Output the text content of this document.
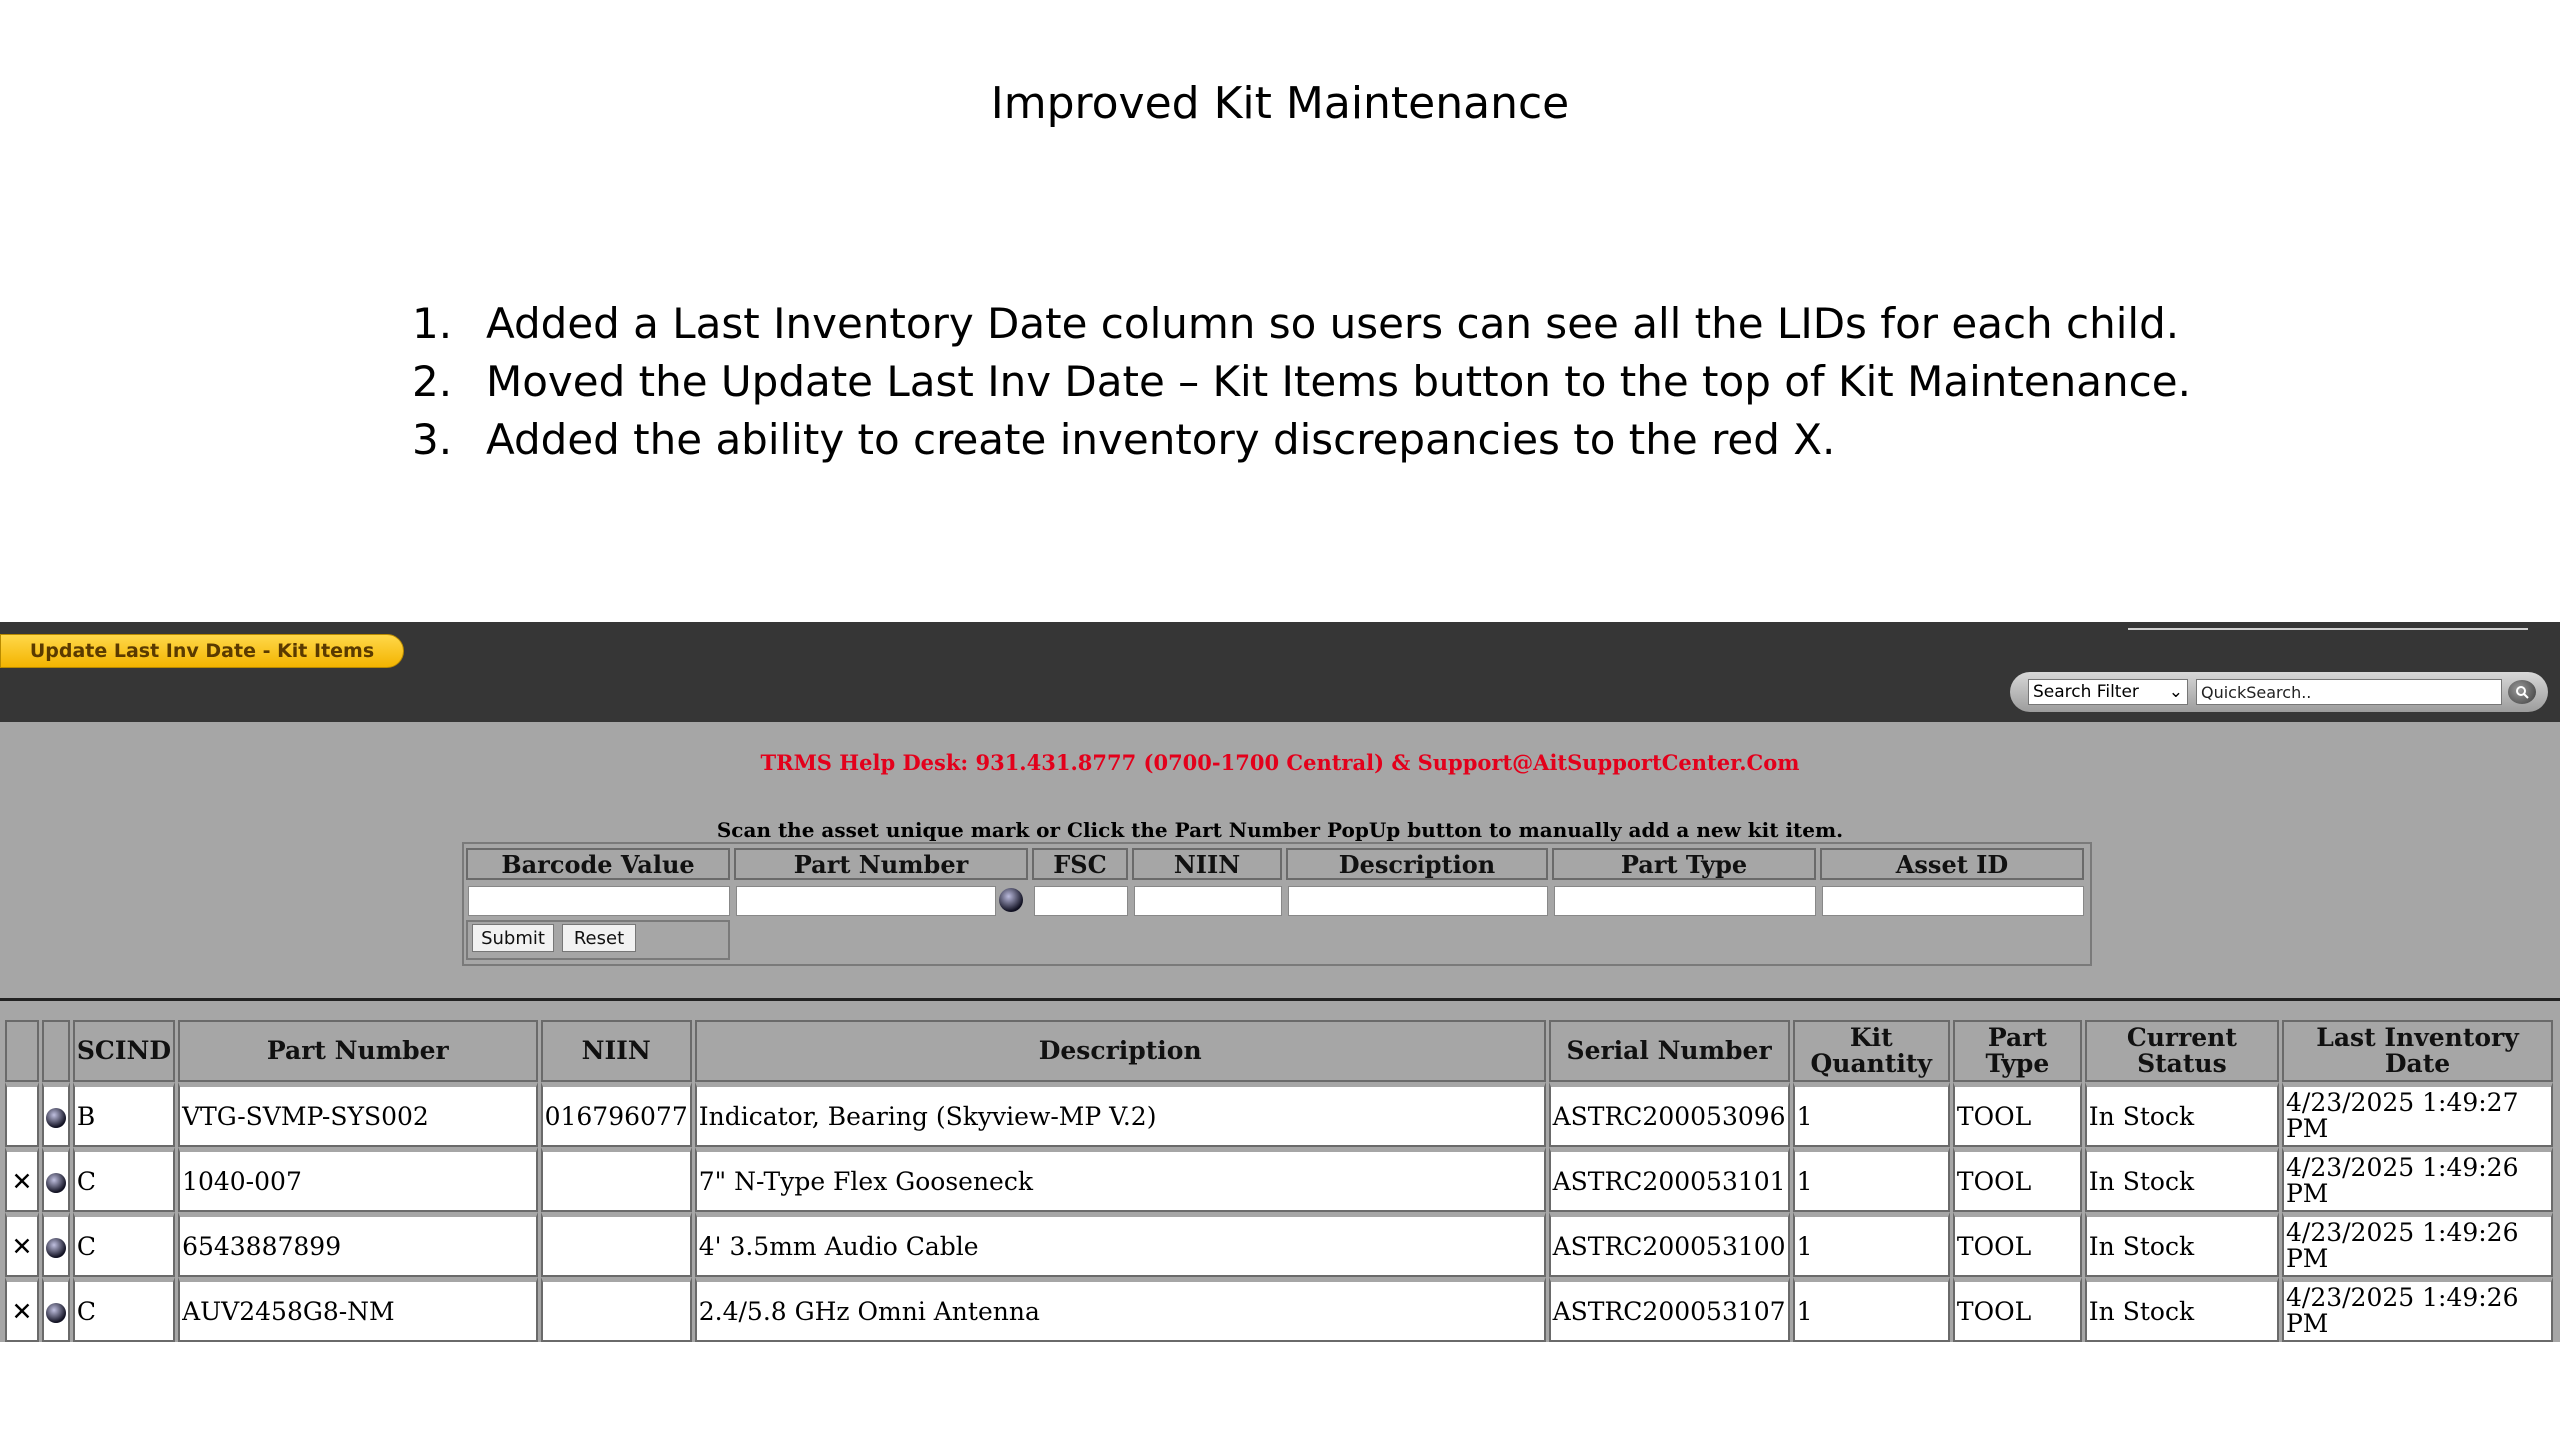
Improved Kit Maintenance
1. Added a Last Inventory Date column so users can see all the LIDs for each child.
2. Moved the Update Last Inv Date – Kit Items button to the top of Kit Maintenance.
3. Added the ability to create inventory discrepancies to the red X.
Update Last Inv Date - Kit Items
Search Filter ⌄	QuickSearch..
TRMS Help Desk: 931.431.8777 (0700-1700 Central) & Support@AitSupportCenter.Com
Scan the asset unique mark or Click the Part Number PopUp button to manually add a new kit item.
Barcode Value	Part Number	FSC	NIIN	Description	Part Type	Asset ID
Submit	Reset
		SCIND	Part Number	NIIN	Description	Serial Number	Kit Quantity	Part Type	Current Status	Last Inventory Date
		B	VTG-SVMP-SYS002	016796077	Indicator, Bearing (Skyview-MP V.2)	ASTRC200053096	1	TOOL	In Stock	4/23/2025 1:49:27 PM
✕		C	1040-007		7" N-Type Flex Gooseneck	ASTRC200053101	1	TOOL	In Stock	4/23/2025 1:49:26 PM
✕		C	6543887899		4' 3.5mm Audio Cable	ASTRC200053100	1	TOOL	In Stock	4/23/2025 1:49:26 PM
✕		C	AUV2458G8-NM		2.4/5.8 GHz Omni Antenna	ASTRC200053107	1	TOOL	In Stock	4/23/2025 1:49:26 PM
